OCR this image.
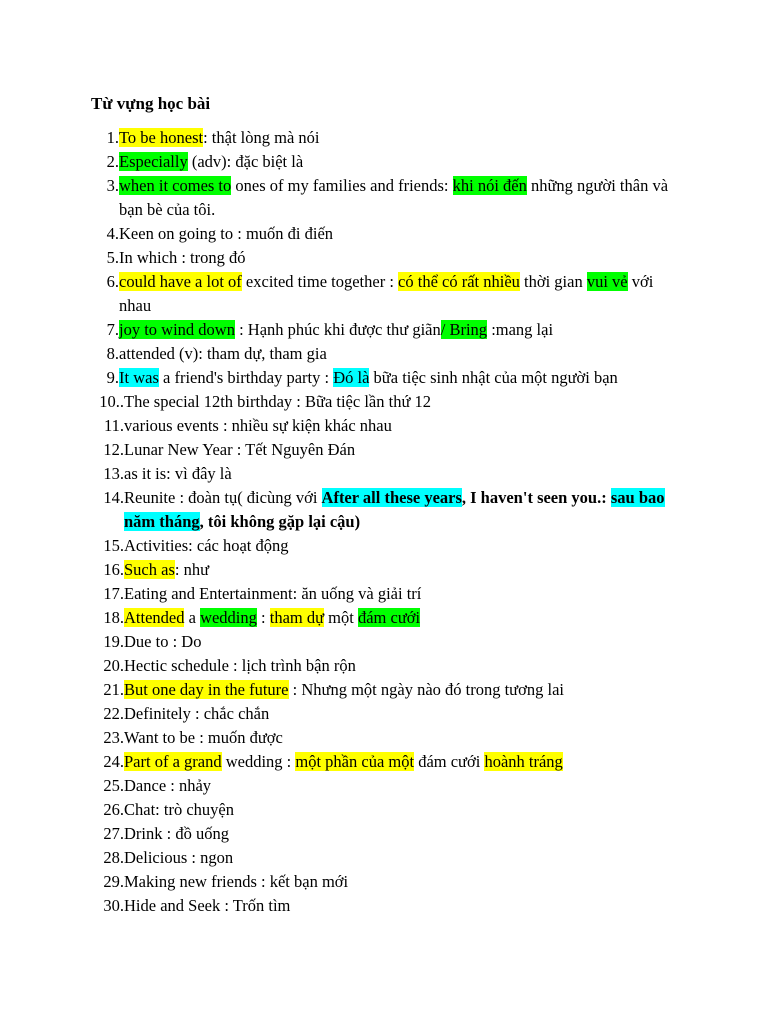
Từ vựng học bài
1. To be honest: thật lòng mà nói
2. Especially (adv): đặc biệt là
3. when it comes to ones of my families and friends: khi nói đến những người thân và bạn bè của tôi.
4. Keen on going to : muốn đi điến
5. In which : trong đó
6. could have a lot of excited time together : có thể có rất nhiều thời gian vui vẻ với nhau
7. joy to wind down : Hạnh phúc khi được thư giãn/ Bring :mang lại
8. attended (v): tham dự, tham gia
9. It was a friend's birthday party : Đó là bữa tiệc sinh nhật của một người bạn
10.. The special 12th birthday : Bữa tiệc lần thứ 12
11. various events : nhiều sự kiện khác nhau
12. Lunar New Year : Tết Nguyên Đán
13. as it is: vì đây là
14. Reunite : đoàn tụ( đicùng với After all these years, I haven't seen you.: sau bao năm tháng, tôi không gặp lại cậu)
15. Activities: các hoạt động
16. Such as: như
17. Eating and Entertainment: ăn uống và giải trí
18. Attended a wedding : tham dự một đám cưới
19. Due to : Do
20. Hectic schedule : lịch trình bận rộn
21. But one day in the future : Nhưng một ngày nào đó trong tương lai
22. Definitely : chắc chắn
23. Want to be : muốn được
24. Part of a grand wedding : một phần của một đám cưới hoành tráng
25. Dance : nhảy
26. Chat: trò chuyện
27. Drink : đồ uống
28. Delicious : ngon
29. Making new friends : kết bạn mới
30. Hide and Seek : Trốn tìm
